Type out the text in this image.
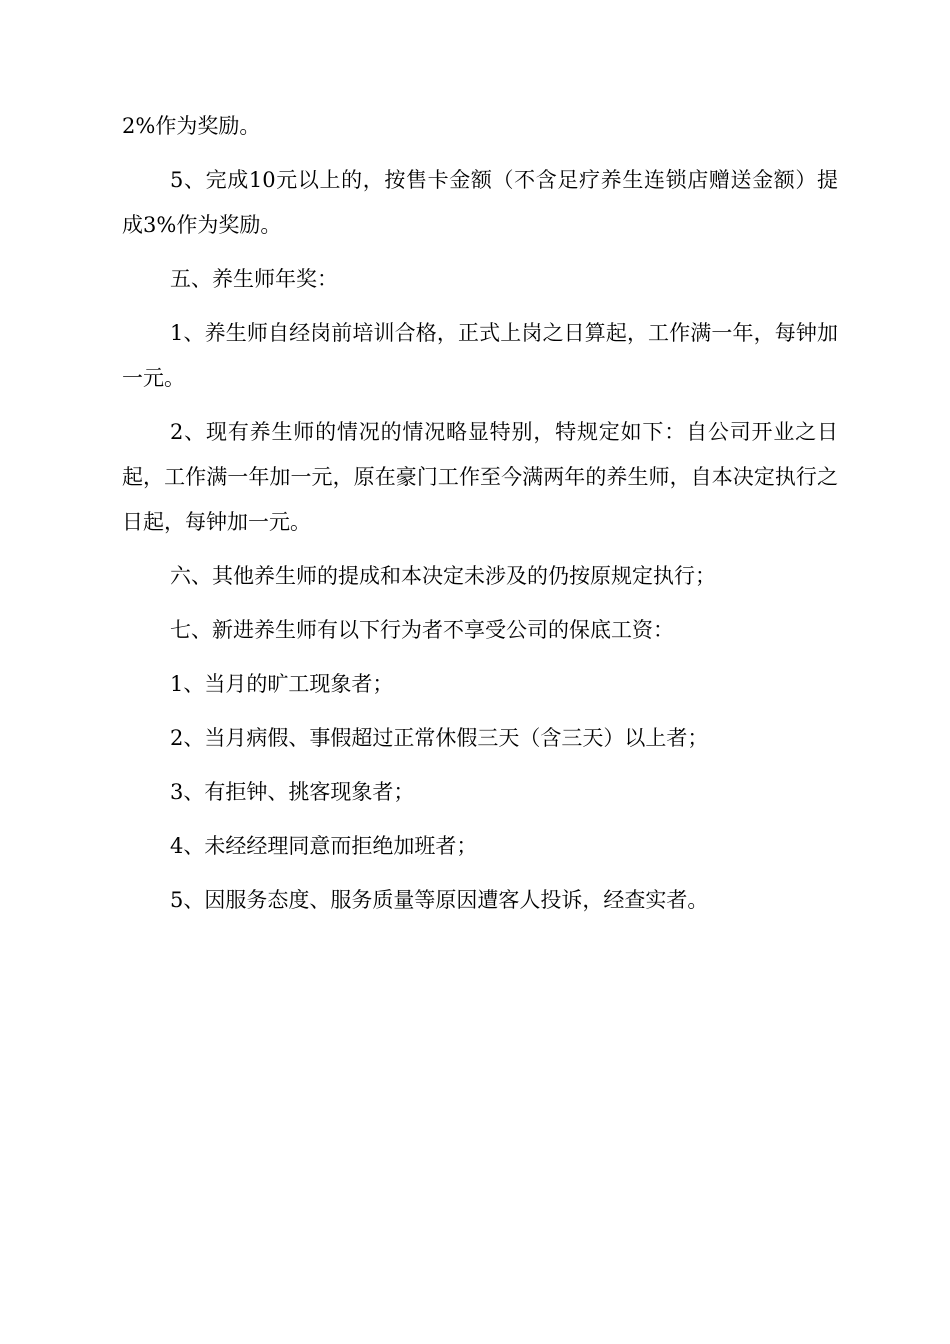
2%作为奖励。

5、完成10元以上的，按售卡金额（不含足疗养生连锁店赠送金额）提成3%作为奖励。

五、养生师年奖：

1、养生师自经岗前培训合格，正式上岗之日算起，工作满一年，每钟加一元。

2、现有养生师的情况的情况略显特别，特规定如下：自公司开业之日起，工作满一年加一元，原在豪门工作至今满两年的养生师，自本决定执行之日起，每钟加一元。

六、其他养生师的提成和本决定未涉及的仍按原规定执行；

七、新进养生师有以下行为者不享受公司的保底工资：

1、当月的旷工现象者；

2、当月病假、事假超过正常休假三天（含三天）以上者；

3、有拒钟、挑客现象者；

4、未经经理同意而拒绝加班者；

5、因服务态度、服务质量等原因遭客人投诉，经查实者。
